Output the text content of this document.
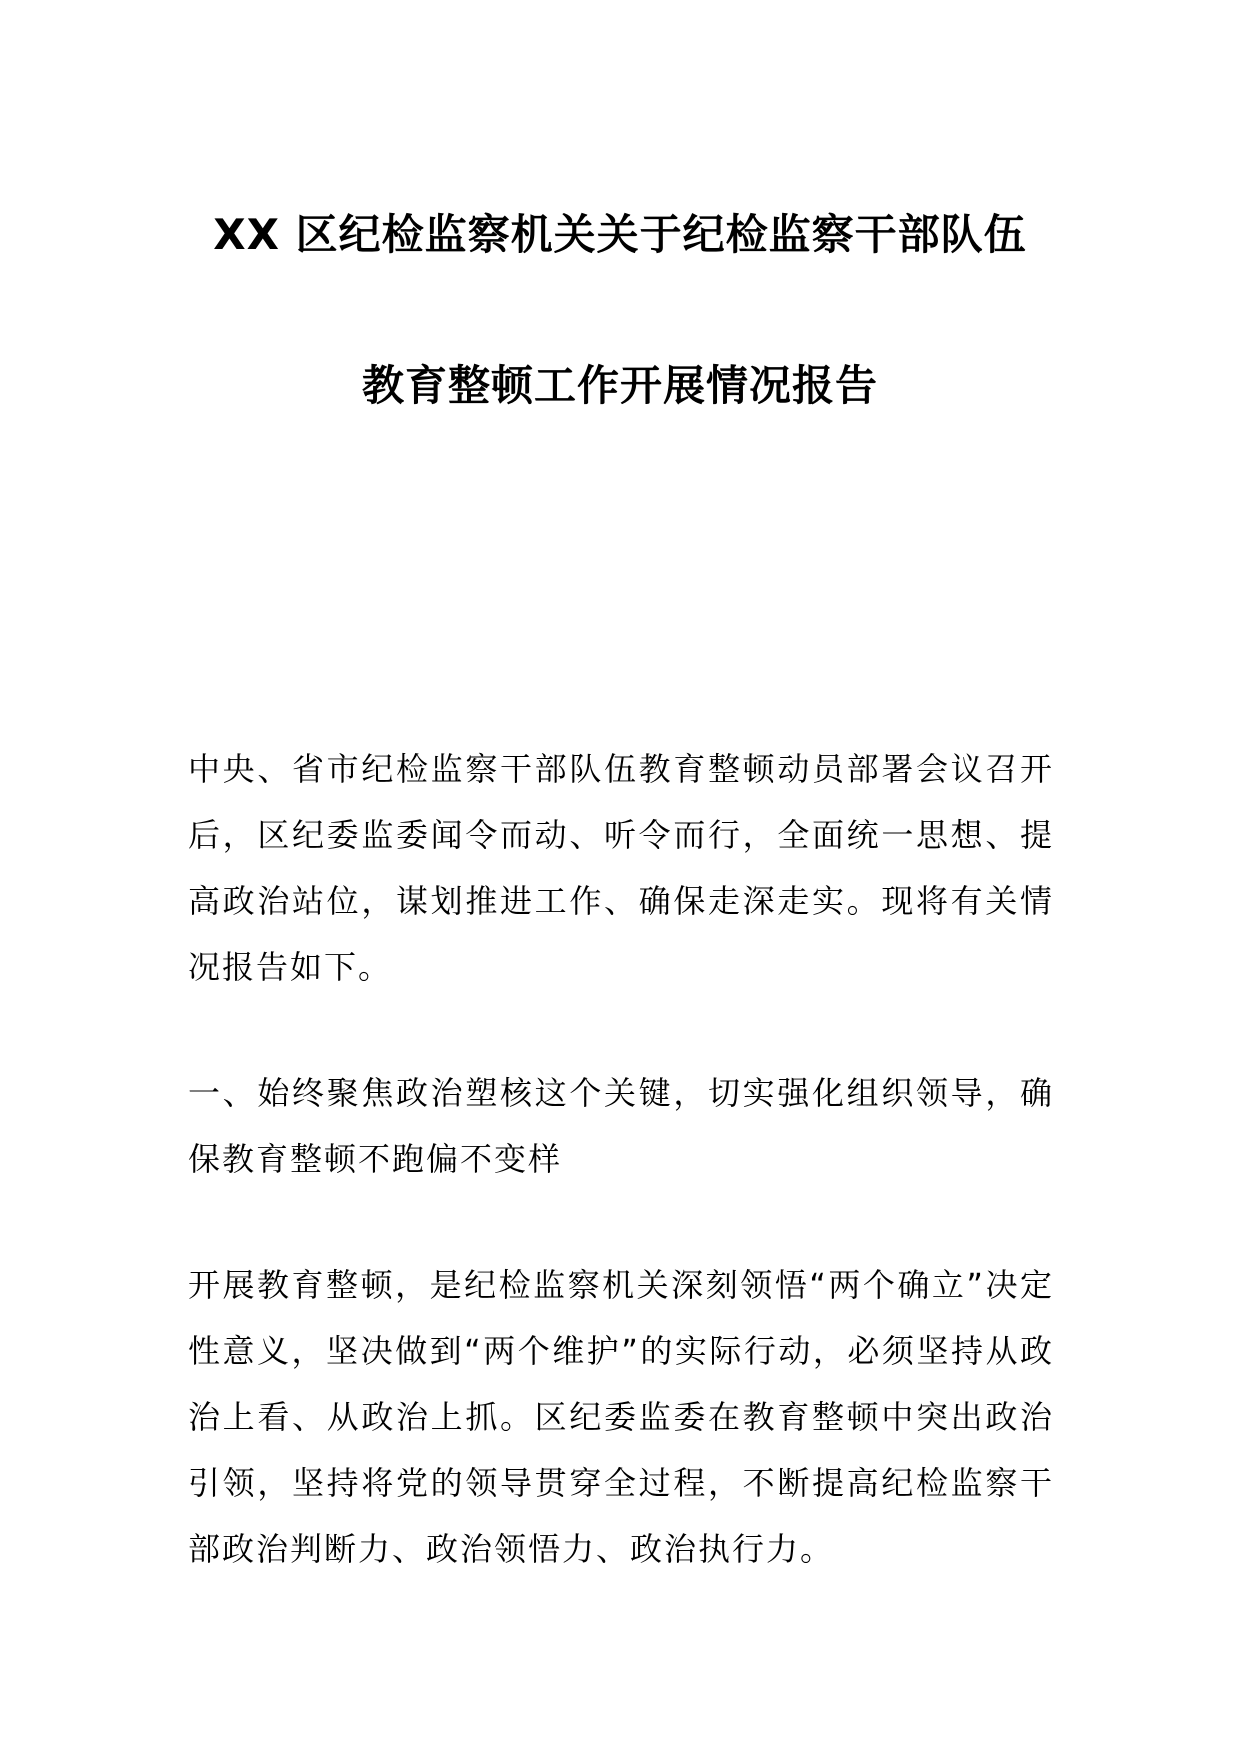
XX 区纪检监察机关关于纪检监察干部队伍
教育整顿工作开展情况报告
中央、省市纪检监察干部队伍教育整顿动员部署会议召开后，区纪委监委闻令而动、听令而行，全面统一思想、提高政治站位，谋划推进工作、确保走深走实。现将有关情况报告如下。
一、始终聚焦政治塑核这个关键，切实强化组织领导，确保教育整顿不跑偏不变样
开展教育整顿，是纪检监察机关深刻领悟“两个确立”决定性意义，坚决做到“两个维护”的实际行动，必须坚持从政治上看、从政治上抓。区纪委监委在教育整顿中突出政治引领，坚持将党的领导贯穿全过程，不断提高纪检监察干部政治判断力、政治领悟力、政治执行力。
